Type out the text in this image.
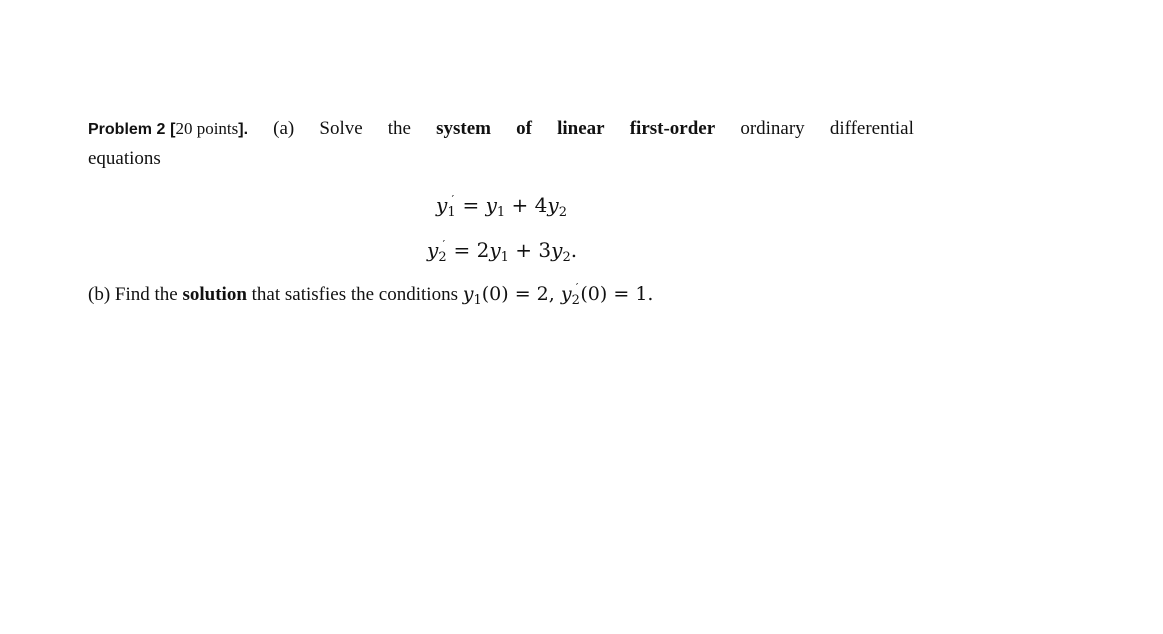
Problem 2 [20 points]. (a) Solve the system of linear first-order ordinary differential
equations
$y_1' = y_1 + 4y_2$
$y_2' = 2y_1 + 3y_2$.
(b) Find the solution that satisfies the conditions $y_1(0) = 2$, $y_2'$ (0) = 1.
